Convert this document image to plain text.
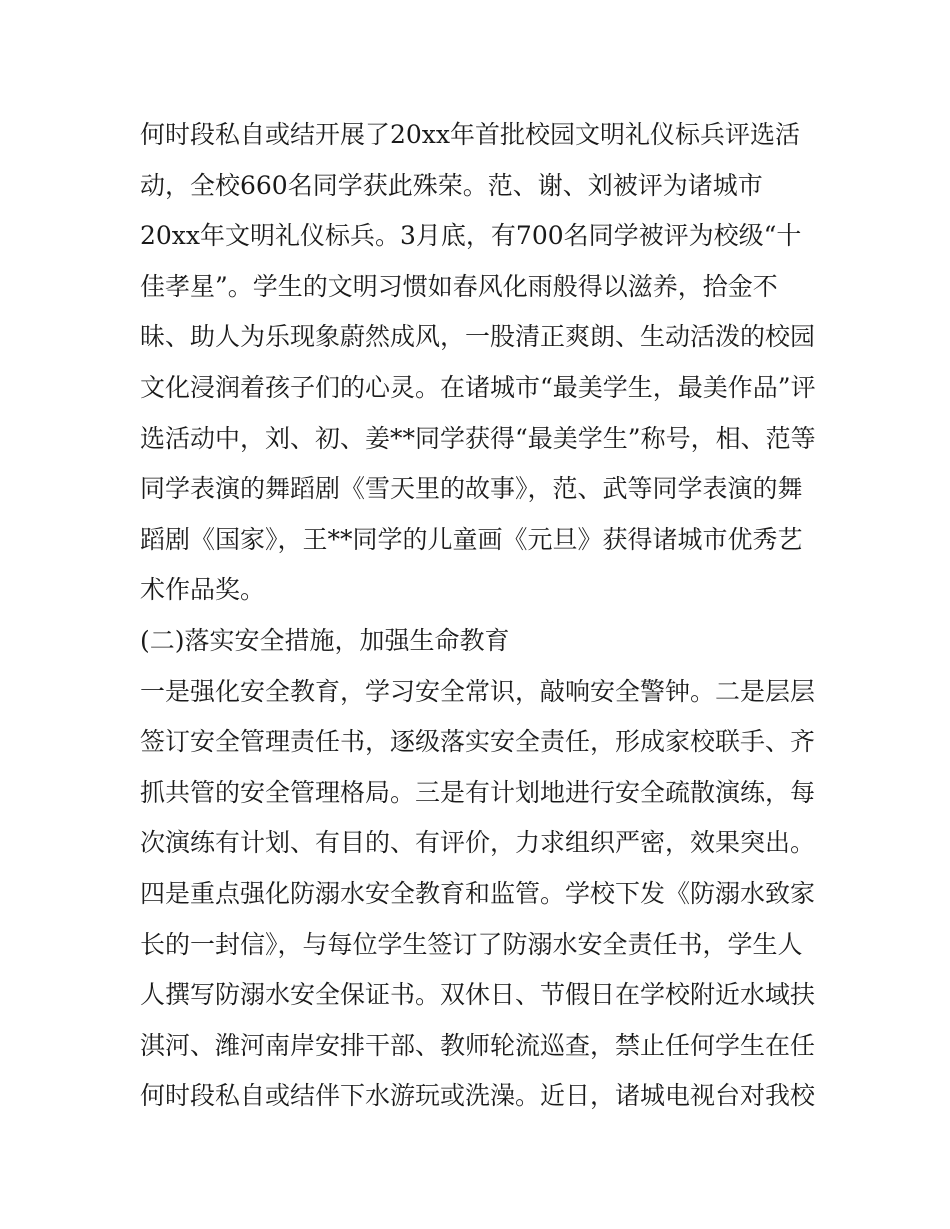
何时段私自或结开展了20xx年首批校园文明礼仪标兵评选活
动，全校660名同学获此殊荣。范、谢、刘被评为诸城市
20xx年文明礼仪标兵。3月底，有700名同学被评为校级“十
佳孝星”。学生的文明习惯如春风化雨般得以滋养，拾金不
昧、助人为乐现象蔚然成风，一股清正爽朗、生动活泼的校园
文化浸润着孩子们的心灵。在诸城市“最美学生，最美作品”评
选活动中，刘、初、姜**同学获得“最美学生”称号，相、范等
同学表演的舞蹈剧《雪天里的故事》，范、武等同学表演的舞
蹈剧《国家》，王**同学的儿童画《元旦》获得诸城市优秀艺
术作品奖。
(二)落实安全措施，加强生命教育
一是强化安全教育，学习安全常识，敲响安全警钟。二是层层
签订安全管理责任书，逐级落实安全责任，形成家校联手、齐
抓共管的安全管理格局。三是有计划地进行安全疏散演练，每
次演练有计划、有目的、有评价，力求组织严密，效果突出。
四是重点强化防溺水安全教育和监管。学校下发《防溺水致家
长的一封信》，与每位学生签订了防溺水安全责任书，学生人
人撰写防溺水安全保证书。双休日、节假日在学校附近水域扶
淇河、潍河南岸安排干部、教师轮流巡查，禁止任何学生在任
何时段私自或结伴下水游玩或洗澡。近日，诸城电视台对我校
